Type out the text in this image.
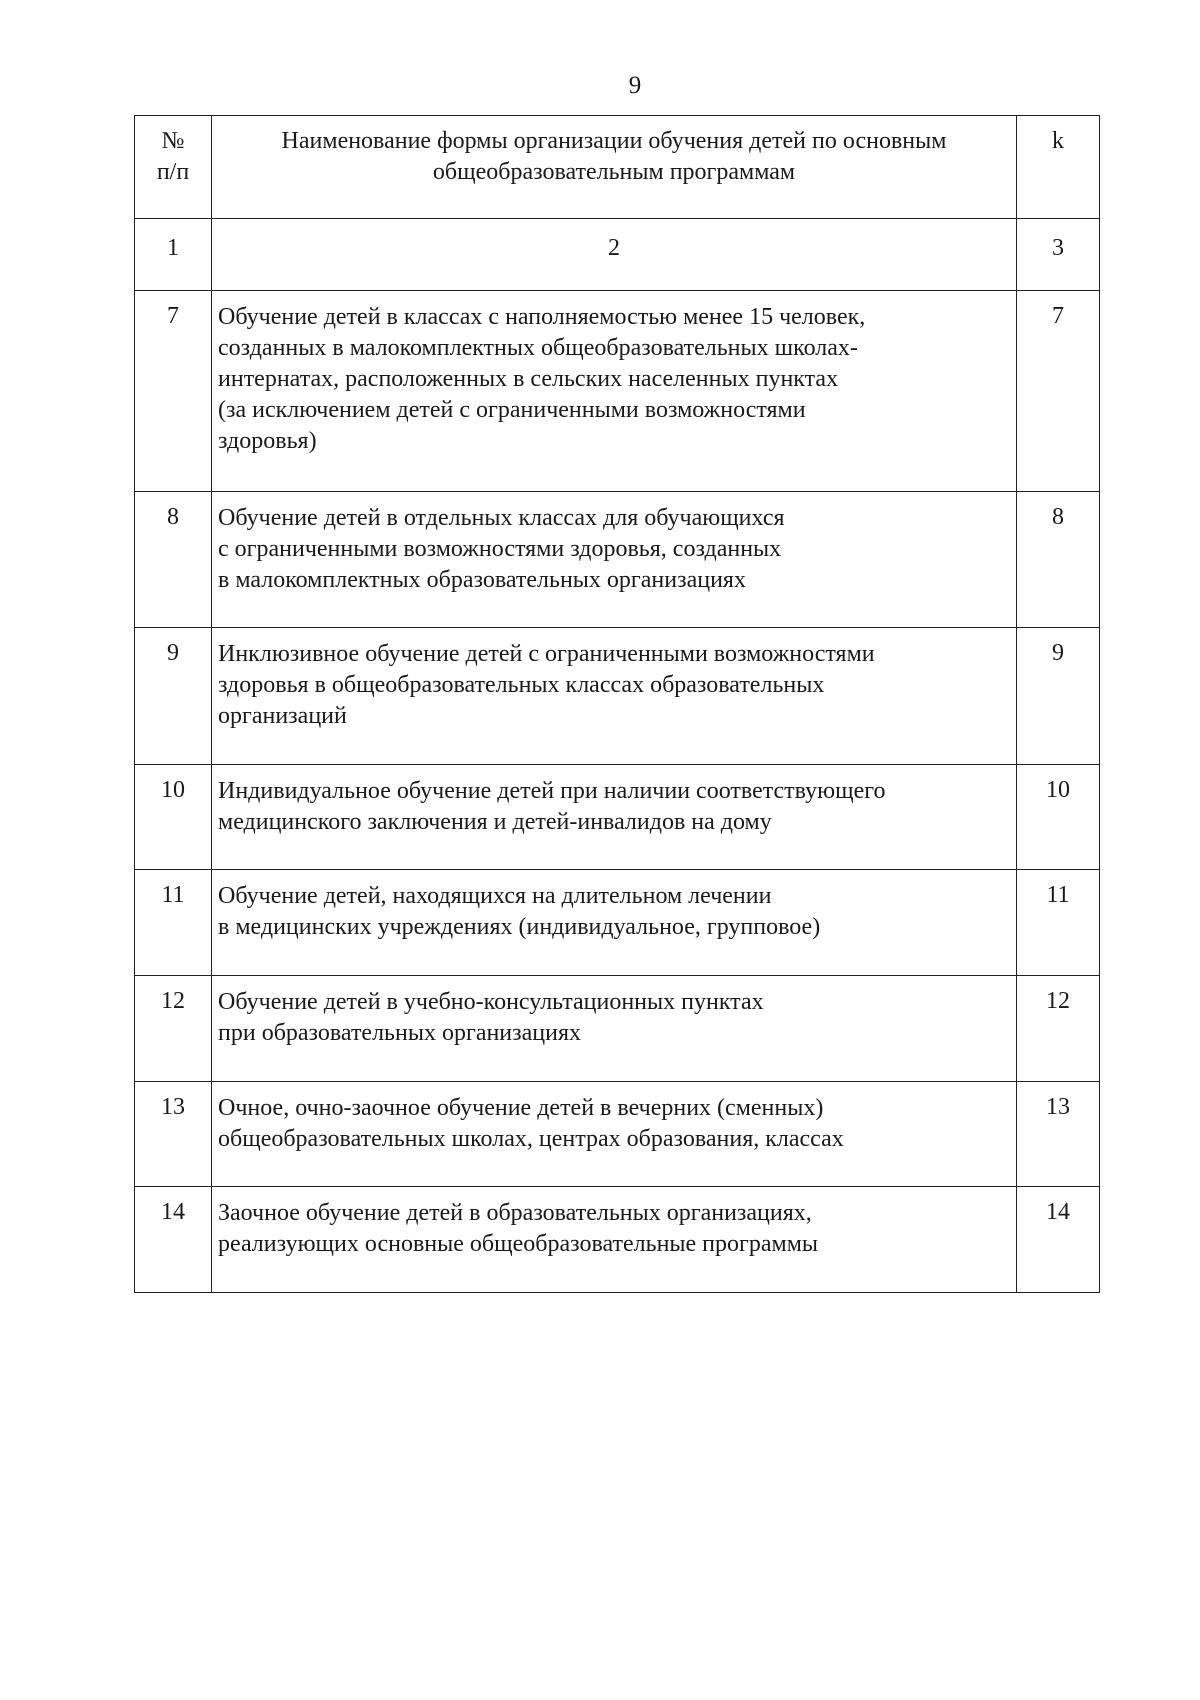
9
№
п/п	Наименование формы организации обучения детей по основным
общеобразовательным программам	k
1	2	3
7	Обучение детей в классах с наполняемостью менее 15 человек,
созданных в малокомплектных общеобразовательных школах-
интернатах, расположенных в сельских населенных пунктах
(за исключением детей с ограниченными возможностями
здоровья)	7
8	Обучение детей в отдельных классах для обучающихся
с ограниченными возможностями здоровья, созданных
в малокомплектных образовательных организациях	8
9	Инклюзивное обучение детей с ограниченными возможностями
здоровья в общеобразовательных классах образовательных
организаций	9
10	Индивидуальное обучение детей при наличии соответствующего
медицинского заключения и детей-инвалидов на дому	10
11	Обучение детей, находящихся на длительном лечении
в медицинских учреждениях (индивидуальное, групповое)	11
12	Обучение детей в учебно-консультационных пунктах
при образовательных организациях	12
13	Очное, очно-заочное обучение детей в вечерних (сменных)
общеобразовательных школах, центрах образования, классах	13
14	Заочное обучение детей в образовательных организациях,
реализующих основные общеобразовательные программы	14
